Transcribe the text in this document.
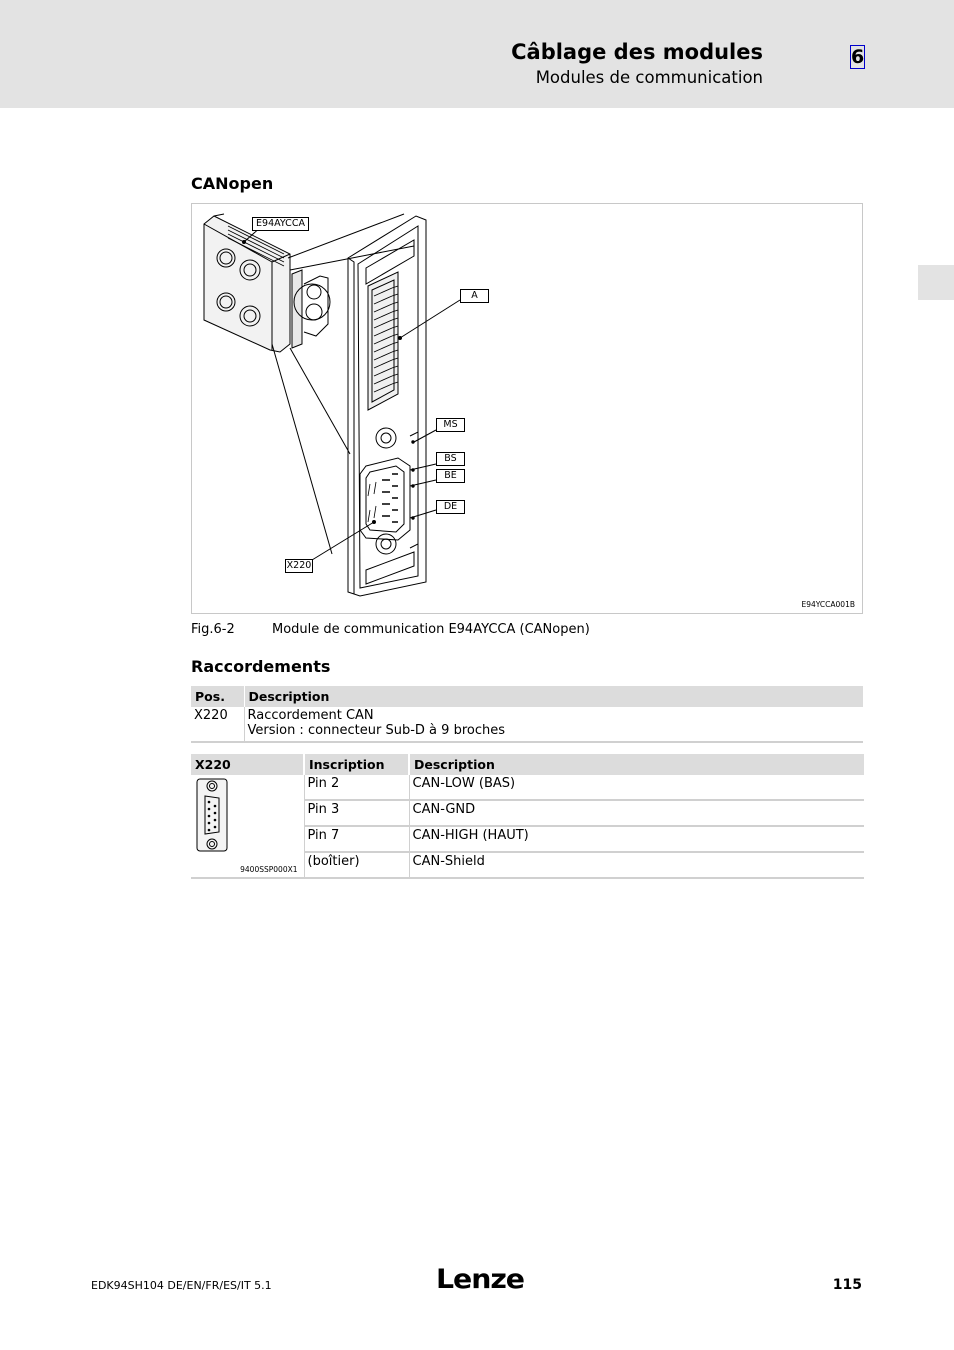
Câblage des modules
Modules de communication
6
CANopen
E94AYCCA
A
MS
BS
BE
DE
X220
E94YCCA001B
Fig.6-2	Module de communication E94AYCCA (CANopen)
Raccordements
Pos.	Description
X220	Raccordement CAN
Version : connecteur Sub-D à 9 broches
X220	Inscription	Description

9400SSP000X1	Pin 2	CAN-LOW (BAS)
	Pin 3	CAN-GND
	Pin 7	CAN-HIGH (HAUT)
	(boîtier)	CAN-Shield
EDK94SH104 DE/EN/FR/ES/IT 5.1	Lenze	115
